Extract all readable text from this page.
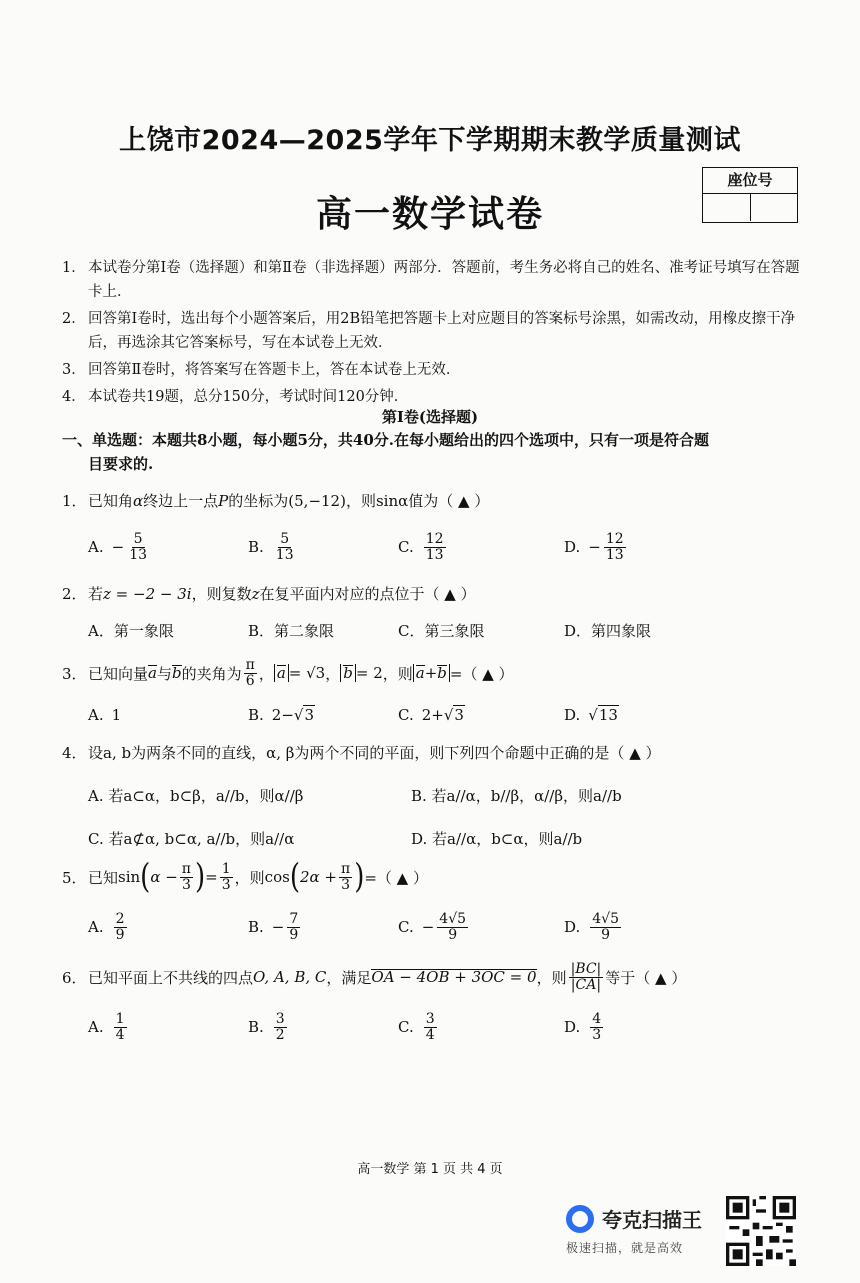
上饶市2024—2025学年下学期期末教学质量测试
高一数学试卷
座位号
1． 本试卷分第Ⅰ卷（选择题）和第Ⅱ卷（非选择题）两部分．答题前，考生务必将自己的姓名、准考证号填写在答题卡上．
2． 回答第Ⅰ卷时，选出每个小题答案后，用2B铅笔把答题卡上对应题目的答案标号涂黑，如需改动，用橡皮擦干净后，再选涂其它答案标号，写在本试卷上无效．
3． 回答第Ⅱ卷时，将答案写在答题卡上，答在本试卷上无效．
4． 本试卷共19题，总分150分，考试时间120分钟．
第Ⅰ卷(选择题)
一、单选题：本题共8小题，每小题5分，共40分.在每小题给出的四个选项中，只有一项是符合题
目要求的.
1． 已知角 α 终边上一点 P 的坐标为 (5,−12) ，则 sinα 值为（ ▲ ）
A. − $\frac{5}{13}$	B. $\frac{5}{13}$	C. $\frac{12}{13}$	D. − $\frac{12}{13}$
2． 若 z = −2 − 3i ，则复数 z 在复平面内对应的点位于（ ▲ ）
A．第一象限	B．第二象限	C．第三象限	D．第四象限
3． 已知向量 a 与 b 的夹角为 $\frac{\pi}{6}$ ， a = √3 ， b = 2 ，则 a+b =（ ▲ ）
A. 1	B. 2− √ 3	C. 2+ √ 3	D. √ 13
4． 设a, b为两条不同的直线，α, β为两个不同的平面，则下列四个命题中正确的是（ ▲ ）
A. 若a⊂α，b⊂β，a//b，则α//β	B. 若a//α，b//β，α//β，则a//b
C. 若a⊄α, b⊂α, a//b，则a//α	D. 若a//α，b⊂α，则a//b
5． 已知 sin ( $\alpha - \frac{\pi}{3}$ ) = $\frac{1}{3}$ ，则 cos ( $2\alpha + \frac{\pi}{3}$ ) =（ ▲ ）
A. $\frac{2}{9}$	B. − $\frac{7}{9}$	C. − $\frac{4√5}{9}$	D. $\frac{4√5}{9}$
6． 已知平面上不共线的四点 O, A, B, C ，满足 OA − 4OB + 3OC = 0 ，则 $\frac{|BC|}{|CA|}$ 等于（ ▲ ）
A. $\frac{1}{4}$	B. $\frac{3}{2}$	C. $\frac{3}{4}$	D. $\frac{4}{3}$
高一数学 第 1 页 共 4 页
夸克扫描王
极速扫描，就是高效
